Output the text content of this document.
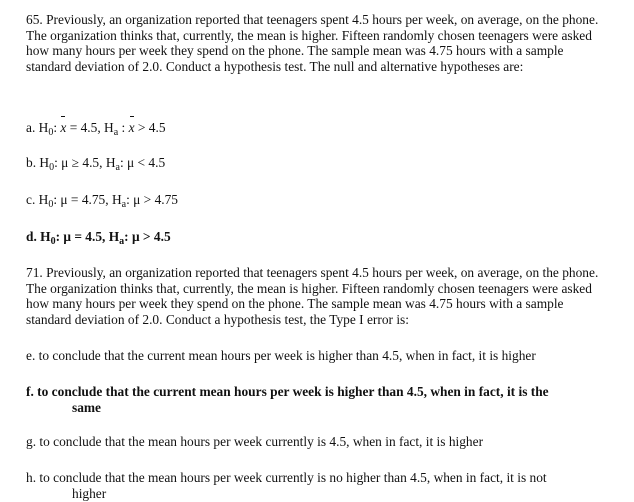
65. Previously, an organization reported that teenagers spent 4.5 hours per week, on average, on the phone. The organization thinks that, currently, the mean is higher. Fifteen randomly chosen teenagers were asked how many hours per week they spend on the phone. The sample mean was 4.75 hours with a sample standard deviation of 2.0. Conduct a hypothesis test. The null and alternative hypotheses are:

a. $H_0$: x = 4.5, $H_a$ : x > 4.5
b. $H_0$: μ ≥ 4.5, $H_a$: μ < 4.5
c. $H_0$: μ = 4.75, $H_a$: μ > 4.75
d. $H_0$: μ = 4.5, $H_a$: μ > 4.5

71. Previously, an organization reported that teenagers spent 4.5 hours per week, on average, on the phone. The organization thinks that, currently, the mean is higher. Fifteen randomly chosen teenagers were asked how many hours per week they spend on the phone. The sample mean was 4.75 hours with a sample standard deviation of 2.0. Conduct a hypothesis test, the Type I error is:

e. to conclude that the current mean hours per week is higher than 4.5, when in fact, it is higher
f. to conclude that the current mean hours per week is higher than 4.5, when in fact, it is the
same
g. to conclude that the mean hours per week currently is 4.5, when in fact, it is higher
h. to conclude that the mean hours per week currently is no higher than 4.5, when in fact, it is not
higher
